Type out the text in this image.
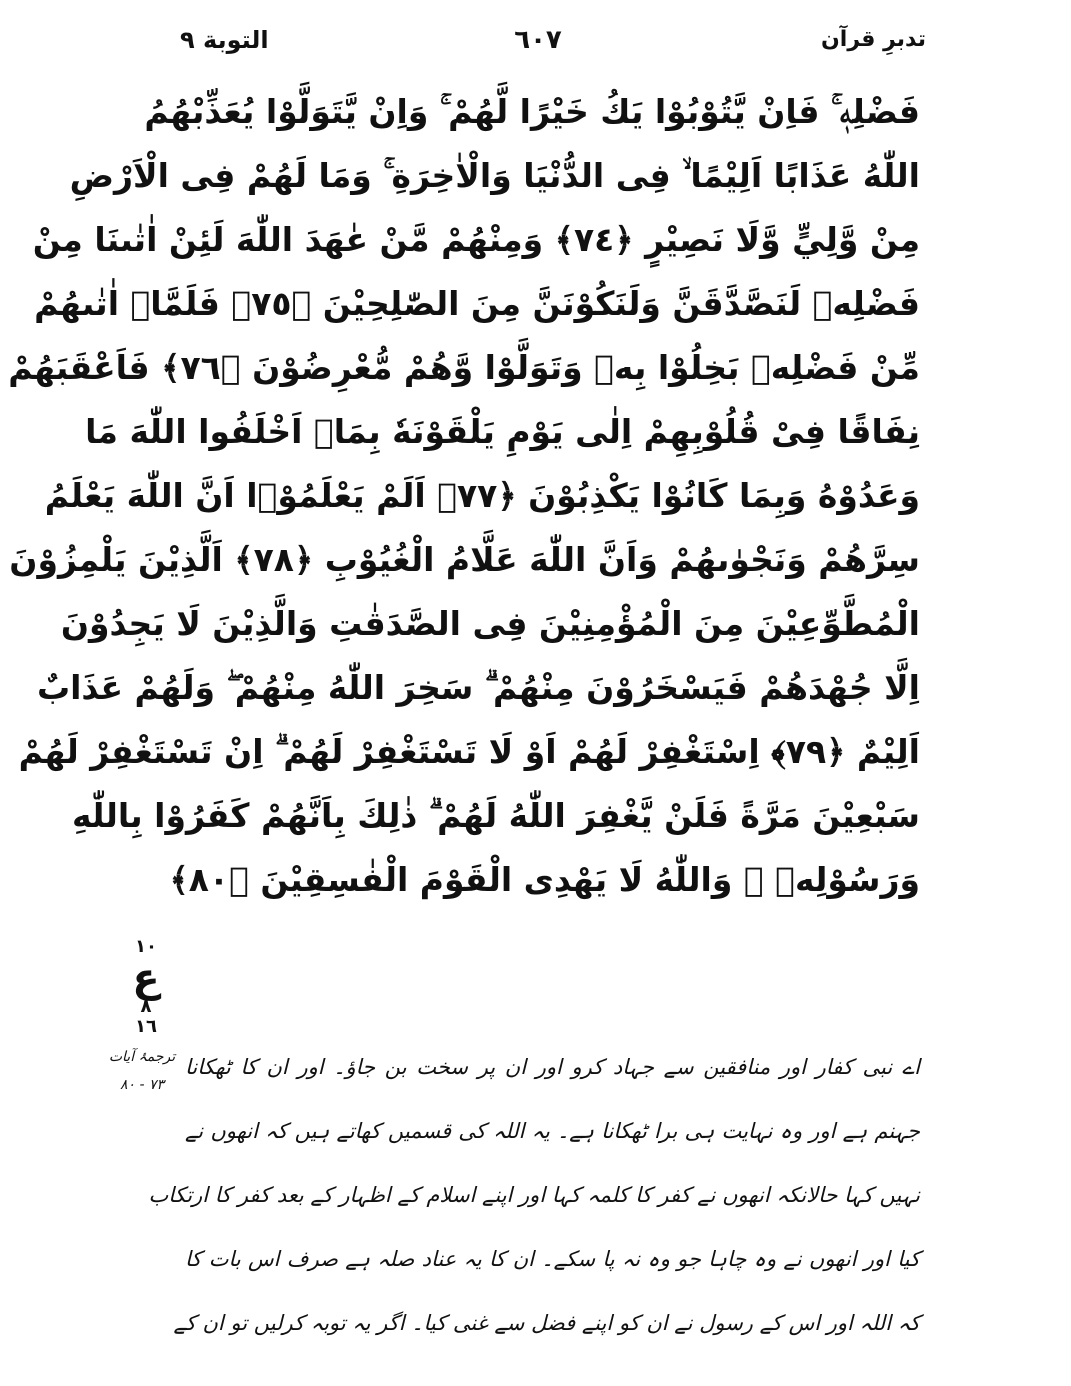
التوبة ٩	٦٠٧	تدبرِ قرآن
فَضْلِهٖ ۚ فَاِنْ يَّتُوْبُوْا يَكُ خَيْرًا لَّهُمْ ۚ وَاِنْ يَّتَوَلَّوْا يُعَذِّبْهُمُ
اللّٰهُ عَذَابًا اَلِيْمًا ۙ فِى الدُّنْيَا وَالْاٰخِرَةِ ۚ وَمَا لَهُمْ فِى الْاَرْضِ
مِنْ وَّلِيٍّ وَّلَا نَصِيْرٍ ﴿٧٤﴾ وَمِنْهُمْ مَّنْ عٰهَدَ اللّٰهَ لَئِنْ اٰتٰىنَا مِنْ
فَضْلِهٖ لَنَصَّدَّقَنَّ وَلَنَكُوْنَنَّ مِنَ الصّٰلِحِيْنَ ﴿٧٥﴾ فَلَمَّاۤ اٰتٰىهُمْ
مِّنْ فَضْلِهٖ بَخِلُوْا بِهٖ وَتَوَلَّوْا وَّهُمْ مُّعْرِضُوْنَ ﴿٧٦﴾ فَاَعْقَبَهُمْ
نِفَاقًا فِىْ قُلُوْبِهِمْ اِلٰى يَوْمِ يَلْقَوْنَهٗ بِمَاۤ اَخْلَفُوا اللّٰهَ مَا
وَعَدُوْهُ وَبِمَا كَانُوْا يَكْذِبُوْنَ ﴿٧٧﴾ اَلَمْ يَعْلَمُوْۤا اَنَّ اللّٰهَ يَعْلَمُ
سِرَّهُمْ وَنَجْوٰىهُمْ وَاَنَّ اللّٰهَ عَلَّامُ الْغُيُوْبِ ﴿٧٨﴾ اَلَّذِيْنَ يَلْمِزُوْنَ
الْمُطَّوِّعِيْنَ مِنَ الْمُؤْمِنِيْنَ فِى الصَّدَقٰتِ وَالَّذِيْنَ لَا يَجِدُوْنَ
اِلَّا جُهْدَهُمْ فَيَسْخَرُوْنَ مِنْهُمْ ۗ سَخِرَ اللّٰهُ مِنْهُمْ ۖ وَلَهُمْ عَذَابٌ
اَلِيْمٌ ﴿٧٩﴾ اِسْتَغْفِرْ لَهُمْ اَوْ لَا تَسْتَغْفِرْ لَهُمْ ۗ اِنْ تَسْتَغْفِرْ لَهُمْ
سَبْعِيْنَ مَرَّةً فَلَنْ يَّغْفِرَ اللّٰهُ لَهُمْ ۗ ذٰلِكَ بِاَنَّهُمْ كَفَرُوْا بِاللّٰهِ
وَرَسُوْلِهٖ ۗ وَاللّٰهُ لَا يَهْدِى الْقَوْمَ الْفٰسِقِيْنَ ﴿٨٠﴾
١٠
ع
٨
١٦
ترجمۂ آیات
٧٣ - ٨٠
اے نبی کفار اور منافقین سے جہاد کرو اور ان پر سخت بن جاؤ۔ اور ان کا ٹھکانا
جہنم ہے اور وہ نہایت ہی برا ٹھکانا ہے۔ یہ اللہ کی قسمیں کھاتے ہیں کہ انھوں نے
نہیں کہا حالانکہ انھوں نے کفر کا کلمہ کہا اور اپنے اسلام کے اظہار کے بعد کفر کا ارتکاب
کیا اور انھوں نے وہ چاہا جو وہ نہ پا سکے۔ ان کا یہ عناد صلہ ہے صرف اس بات کا
کہ اللہ اور اس کے رسول نے ان کو اپنے فضل سے غنی کیا۔ اگر یہ توبہ کرلیں تو ان کے
